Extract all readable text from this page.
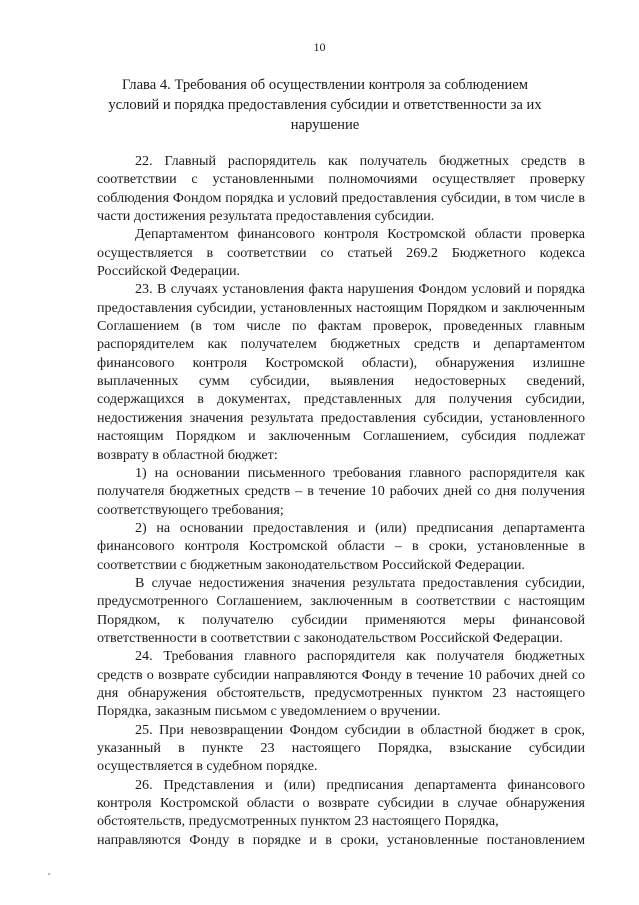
10
Глава 4. Требования об осуществлении контроля за соблюдением условий и порядка предоставления субсидии и ответственности за их нарушение

22. Главный распорядитель как получатель бюджетных средств в соответствии с установленными полномочиями осуществляет проверку соблюдения Фондом порядка и условий предоставления субсидии, в том числе в части достижения результата предоставления субсидии.

Департаментом финансового контроля Костромской области проверка осуществляется в соответствии со статьей 269.2 Бюджетного кодекса Российской Федерации.

23. В случаях установления факта нарушения Фондом условий и порядка предоставления субсидии, установленных настоящим Порядком и заключенным Соглашением (в том числе по фактам проверок, проведенных главным распорядителем как получателем бюджетных средств и департаментом финансового контроля Костромской области), обнаружения излишне выплаченных сумм субсидии, выявления недостоверных сведений, содержащихся в документах, представленных для получения субсидии, недостижения значения результата предоставления субсидии, установленного настоящим Порядком и заключенным Соглашением, субсидия подлежат возврату в областной бюджет:

1) на основании письменного требования главного распорядителя как получателя бюджетных средств – в течение 10 рабочих дней со дня получения соответствующего требования;

2) на основании предоставления и (или) предписания департамента финансового контроля Костромской области – в сроки, установленные в соответствии с бюджетным законодательством Российской Федерации.

В случае недостижения значения результата предоставления субсидии, предусмотренного Соглашением, заключенным в соответствии с настоящим Порядком, к получателю субсидии применяются меры финансовой ответственности в соответствии с законодательством Российской Федерации.

24. Требования главного распорядителя как получателя бюджетных средств о возврате субсидии направляются Фонду в течение 10 рабочих дней со дня обнаружения обстоятельств, предусмотренных пунктом 23 настоящего Порядка, заказным письмом с уведомлением о вручении.

25. При невозвращении Фондом субсидии в областной бюджет в срок, указанный в пункте 23 настоящего Порядка, взыскание субсидии осуществляется в судебном порядке.

26. Представления и (или) предписания департамента финансового контроля Костромской области о возврате субсидии в случае обнаружения обстоятельств, предусмотренных пунктом 23 настоящего Порядка,

направляются Фонду в порядке и в сроки, установленные постановлением
